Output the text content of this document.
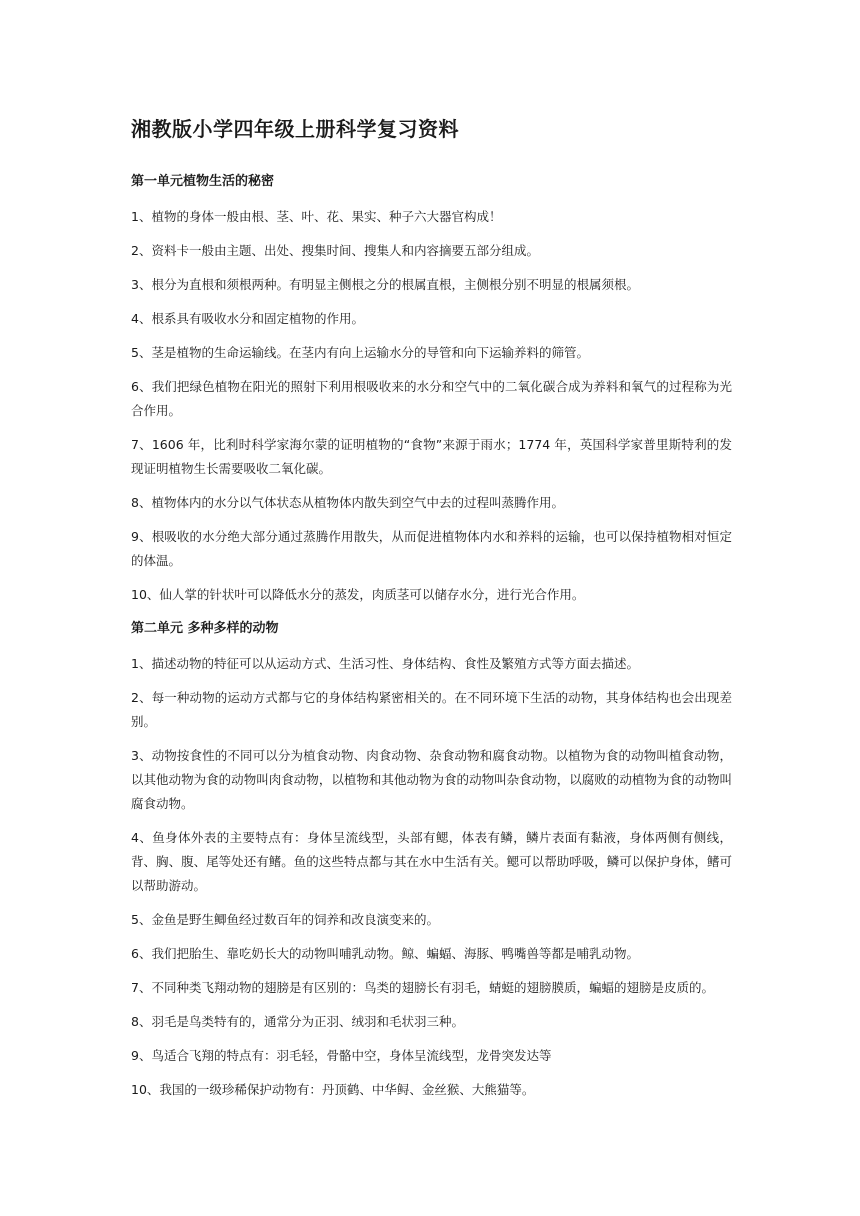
湘教版小学四年级上册科学复习资料
第一单元植物生活的秘密
1、植物的身体一般由根、茎、叶、花、果实、种子六大器官构成！
2、资料卡一般由主题、出处、搜集时间、搜集人和内容摘要五部分组成。
3、根分为直根和须根两种。有明显主侧根之分的根属直根，主侧根分别不明显的根属须根。
4、根系具有吸收水分和固定植物的作用。
5、茎是植物的生命运输线。在茎内有向上运输水分的导管和向下运输养料的筛管。
6、我们把绿色植物在阳光的照射下利用根吸收来的水分和空气中的二氧化碳合成为养料和氧气的过程称为光合作用。
7、1606 年，比利时科学家海尔蒙的证明植物的“食物”来源于雨水；1774 年，英国科学家普里斯特利的发现证明植物生长需要吸收二氧化碳。
8、植物体内的水分以气体状态从植物体内散失到空气中去的过程叫蒸腾作用。
9、根吸收的水分绝大部分通过蒸腾作用散失，从而促进植物体内水和养料的运输，也可以保持植物相对恒定的体温。
10、仙人掌的针状叶可以降低水分的蒸发，肉质茎可以储存水分，进行光合作用。
第二单元 多种多样的动物
1、描述动物的特征可以从运动方式、生活习性、身体结构、食性及繁殖方式等方面去描述。
2、每一种动物的运动方式都与它的身体结构紧密相关的。在不同环境下生活的动物，其身体结构也会出现差别。
3、动物按食性的不同可以分为植食动物、肉食动物、杂食动物和腐食动物。以植物为食的动物叫植食动物，以其他动物为食的动物叫肉食动物，以植物和其他动物为食的动物叫杂食动物，以腐败的动植物为食的动物叫腐食动物。
4、鱼身体外表的主要特点有：身体呈流线型，头部有鳃，体表有鳞，鳞片表面有黏液，身体两侧有侧线，背、胸、腹、尾等处还有鳍。鱼的这些特点都与其在水中生活有关。鳃可以帮助呼吸，鳞可以保护身体，鳍可以帮助游动。
5、金鱼是野生鲫鱼经过数百年的饲养和改良演变来的。
6、我们把胎生、靠吃奶长大的动物叫哺乳动物。鲸、蝙蝠、海豚、鸭嘴兽等都是哺乳动物。
7、不同种类飞翔动物的翅膀是有区别的：鸟类的翅膀长有羽毛，蜻蜓的翅膀膜质，蝙蝠的翅膀是皮质的。
8、羽毛是鸟类特有的，通常分为正羽、绒羽和毛状羽三种。
9、鸟适合飞翔的特点有：羽毛轻，骨骼中空，身体呈流线型，龙骨突发达等
10、我国的一级珍稀保护动物有：丹顶鹤、中华鲟、金丝猴、大熊猫等。
